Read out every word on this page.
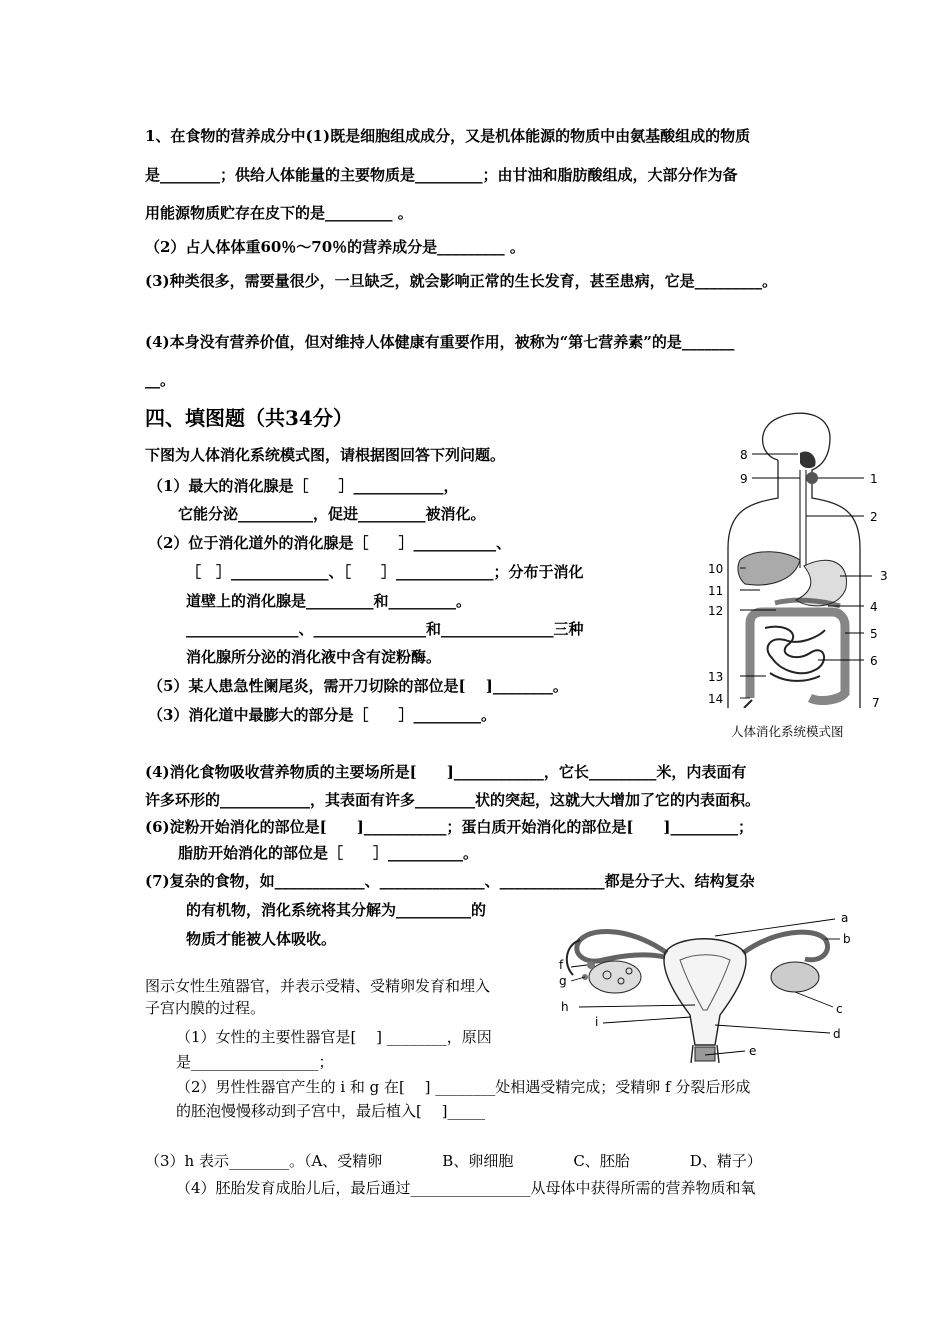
1、在食物的营养成分中(1)既是细胞组成成分，又是机体能源的物质中由氨基酸组成的物质
是________；供给人体能量的主要物质是_________；由甘油和脂肪酸组成，大部分作为备
用能源物质贮存在皮下的是_________ 。
（2）占人体体重60％～70％的营养成分是_________ 。
(3)种类很多，需要量很少，一旦缺乏，就会影响正常的生长发育，甚至患病，它是_________。
(4)本身没有营养价值，但对维持人体健康有重要作用，被称为“第七营养素”的是_______
__。
四、填图题（共34分）
下图为人体消化系统模式图，请根据图回答下列问题。
（1）最大的消化腺是［　　］____________，
它能分泌__________，促进_________被消化。
（2）位于消化道外的消化腺是［　　］___________、
［　］_____________、［　　］_____________；分布于消化
道壁上的消化腺是_________和_________。
_______________、_______________和_______________三种
消化腺所分泌的消化液中含有淀粉酶。
（5）某人患急性阑尾炎，需开刀切除的部位是[　 ]________。
（3）消化道中最膨大的部分是［　　］_________。
(4)消化食物吸收营养物质的主要场所是[　　]____________，它长_________米，内表面有
许多环形的____________，其表面有许多________状的突起，这就大大增加了它的内表面积。
(6)淀粉开始消化的部位是[　　]___________；蛋白质开始消化的部位是[　　]_________；
脂肪开始消化的部位是［　　］__________。
(7)复杂的食物，如____________、______________、______________都是分子大、结构复杂
的有机物，消化系统将其分解为__________的
物质才能被人体吸收。
8
9	1
2
3
10
11
12	4
5
6
13
14	7
人体消化系统模式图
a
b
c
d
e
f
g
h
i
图示女性生殖器官，并表示受精、受精卵发育和埋入
子宫内膜的过程。
（1）女性的主要性器官是[　 ] ________，原因
是_________________；
（2）男性性器官产生的 i 和 g 在[　 ] ________处相遇受精完成；受精卵 f 分裂后形成
的胚泡慢慢移动到子宫中，最后植入[　 ]_____
（3）h 表示________。（A、受精卵　　　　B、卵细胞　　　　C、胚胎　　　　D、精子）
（4）胚胎发育成胎儿后，最后通过________________从母体中获得所需的营养物质和氧
